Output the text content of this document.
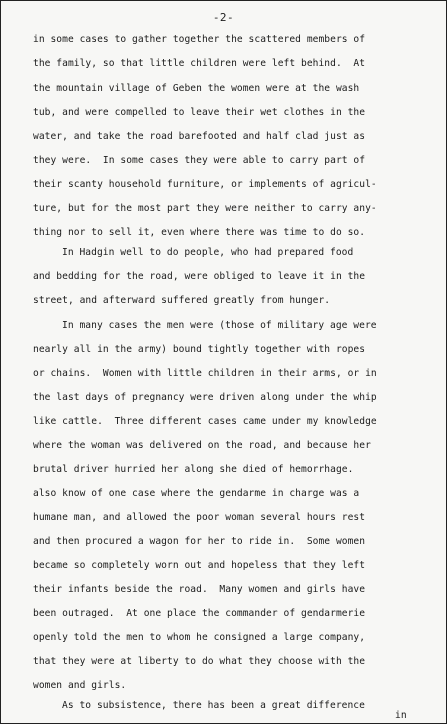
-2-
in some cases to gather together the scattered members of
the family, so that little children were left behind.  At
the mountain village of Geben the women were at the wash
tub, and were compelled to leave their wet clothes in the
water, and take the road barefooted and half clad just as
they were.  In some cases they were able to carry part of
their scanty household furniture, or implements of agricul-
ture, but for the most part they were neither to carry any-
thing nor to sell it, even where there was time to do so.
In Hadgin well to do people, who had prepared food
and bedding for the road, were obliged to leave it in the
street, and afterward suffered greatly from hunger.
In many cases the men were (those of military age were
nearly all in the army) bound tightly together with ropes
or chains.  Women with little children in their arms, or in
the last days of pregnancy were driven along under the whip
like cattle.  Three different cases came under my knowledge
where the woman was delivered on the road, and because her
brutal driver hurried her along she died of hemorrhage.
also know of one case where the gendarme in charge was a
humane man, and allowed the poor woman several hours rest
and then procured a wagon for her to ride in.  Some women
became so completely worn out and hopeless that they left
their infants beside the road.  Many women and girls have
been outraged.  At one place the commander of gendarmerie
openly told the men to whom he consigned a large company,
that they were at liberty to do what they choose with the
women and girls.
As to subsistence, there has been a great difference
in
